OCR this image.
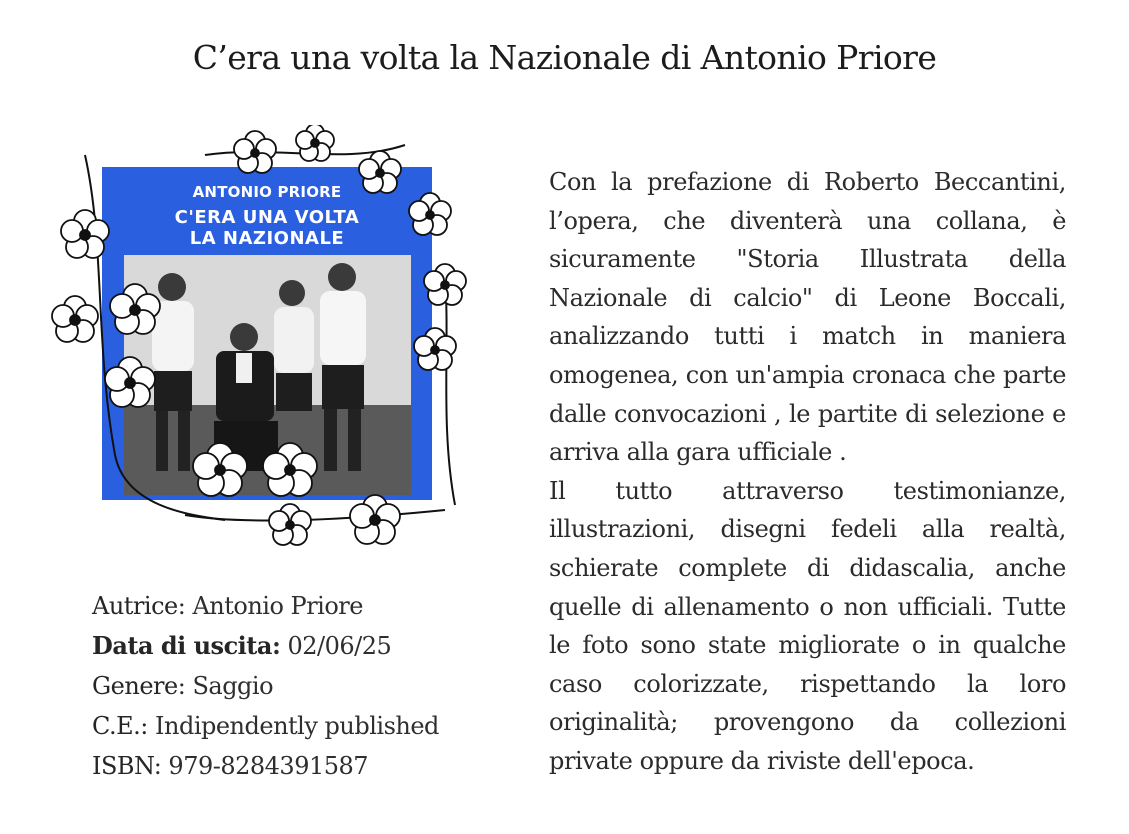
C’era una volta la Nazionale di Antonio Priore
ANTONIO PRIORE
C'ERA UNA VOLTA
LA NAZIONALE
Autrice: Antonio Priore
Data di uscita: 02/06/25
Genere: Saggio
C.E.: Indipendently published
ISBN: 979-8284391587

Con la prefazione di Roberto Beccantini, l’opera, che diventerà una collana, è sicuramente "Storia Illustrata della Nazionale di calcio" di Leone Boccali, analizzando tutti i match in maniera omogenea, con un'ampia cronaca che parte dalle convocazioni , le partite di selezione e arriva alla gara ufficiale .

Il tutto attraverso testimonianze, illustrazioni, disegni fedeli alla realtà, schierate complete di didascalia, anche quelle di allenamento o non ufficiali. Tutte le foto sono state migliorate o in qualche caso colorizzate, rispettando la loro originalità; provengono da collezioni private oppure da riviste dell'epoca.
